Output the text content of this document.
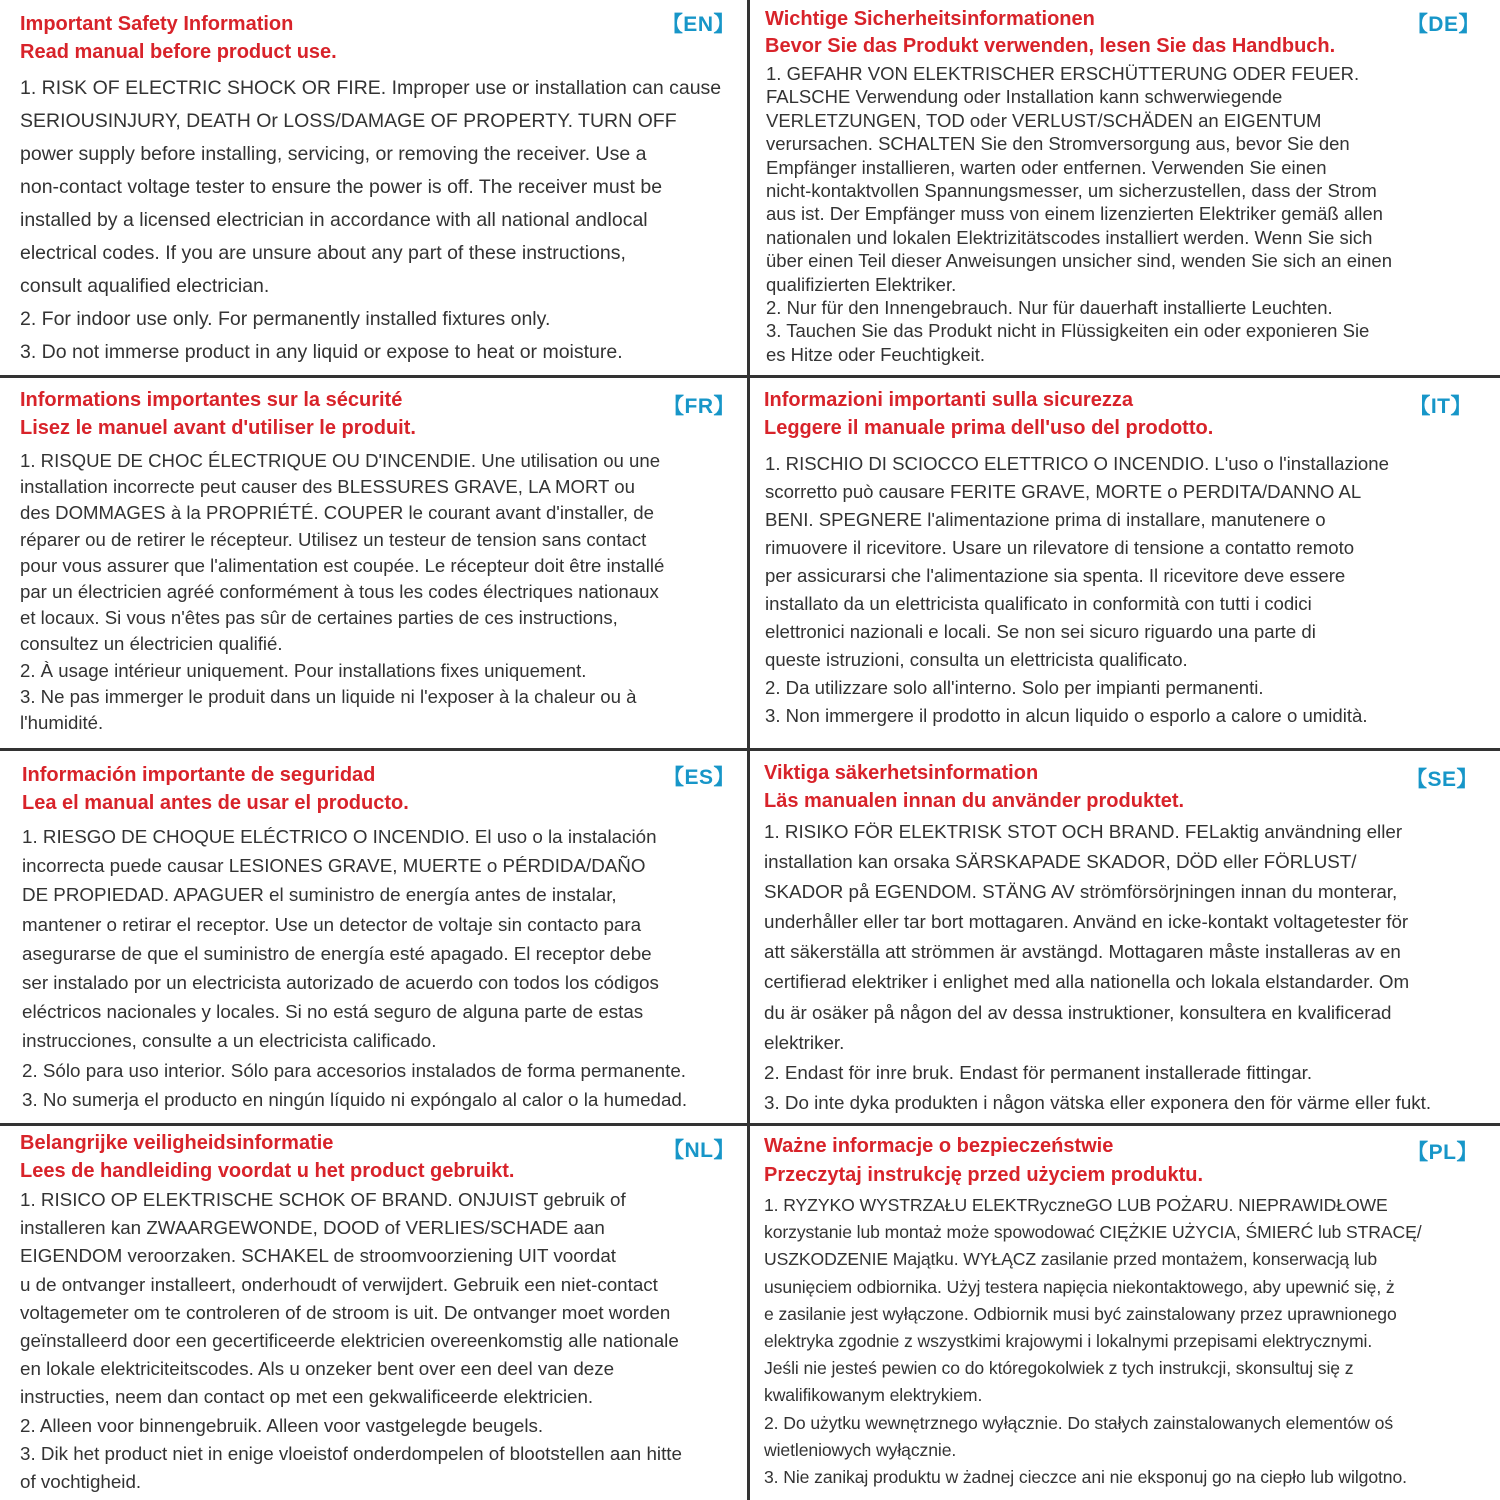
【EN】
Important Safety Information
Read manual before product use.
1. RISK OF ELECTRIC SHOCK OR FIRE. Improper use or installation can cause
SERIOUSINJURY, DEATH Or LOSS/DAMAGE OF PROPERTY. TURN OFF
power supply before installing, servicing, or removing the receiver. Use a
non-contact voltage tester to ensure the power is off. The receiver must be
installed by a licensed electrician in accordance with all national andlocal
electrical codes. If you are unsure about any part of these instructions,
consult aqualified electrician.
2. For indoor use only. For permanently installed fixtures only.
3. Do not immerse product in any liquid or expose to heat or moisture.
【DE】
Wichtige Sicherheitsinformationen
Bevor Sie das Produkt verwenden, lesen Sie das Handbuch.
1. GEFAHR VON ELEKTRISCHER ERSCHÜTTERUNG ODER FEUER.
FALSCHE Verwendung oder Installation kann schwerwiegende
VERLETZUNGEN, TOD oder VERLUST/SCHÄDEN an EIGENTUM
verursachen. SCHALTEN Sie den Stromversorgung aus, bevor Sie den
Empfänger installieren, warten oder entfernen. Verwenden Sie einen
nicht-kontaktvollen Spannungsmesser, um sicherzustellen, dass der Strom
aus ist. Der Empfänger muss von einem lizenzierten Elektriker gemäß allen
nationalen und lokalen Elektrizitätscodes installiert werden. Wenn Sie sich
über einen Teil dieser Anweisungen unsicher sind, wenden Sie sich an einen
qualifizierten Elektriker.
2. Nur für den Innengebrauch. Nur für dauerhaft installierte Leuchten.
3. Tauchen Sie das Produkt nicht in Flüssigkeiten ein oder exponieren Sie
es Hitze oder Feuchtigkeit.
【FR】
Informations importantes sur la sécurité
Lisez le manuel avant d'utiliser le produit.
1. RISQUE DE CHOC ÉLECTRIQUE OU D'INCENDIE. Une utilisation ou une
installation incorrecte peut causer des BLESSURES GRAVE, LA MORT ou
des DOMMAGES à la PROPRIÉTÉ. COUPER le courant avant d'installer, de
réparer ou de retirer le récepteur. Utilisez un testeur de tension sans contact
pour vous assurer que l'alimentation est coupée. Le récepteur doit être installé
par un électricien agréé conformément à tous les codes électriques nationaux
et locaux. Si vous n'êtes pas sûr de certaines parties de ces instructions,
consultez un électricien qualifié.
2. À usage intérieur uniquement. Pour installations fixes uniquement.
3. Ne pas immerger le produit dans un liquide ni l'exposer à la chaleur ou à
l'humidité.
【IT】
Informazioni importanti sulla sicurezza
Leggere il manuale prima dell'uso del prodotto.
1. RISCHIO DI SCIOCCO ELETTRICO O INCENDIO. L'uso o l'installazione
scorretto può causare FERITE GRAVE, MORTE o PERDITA/DANNO AL
BENI. SPEGNERE l'alimentazione prima di installare, manutenere o
rimuovere il ricevitore. Usare un rilevatore di tensione a contatto remoto
per assicurarsi che l'alimentazione sia spenta. Il ricevitore deve essere
installato da un elettricista qualificato in conformità con tutti i codici
elettronici nazionali e locali. Se non sei sicuro riguardo una parte di
queste istruzioni, consulta un elettricista qualificato.
2. Da utilizzare solo all'interno. Solo per impianti permanenti.
3. Non immergere il prodotto in alcun liquido o esporlo a calore o umidità.
【ES】
Información importante de seguridad
Lea el manual antes de usar el producto.
1. RIESGO DE CHOQUE ELÉCTRICO O INCENDIO. El uso o la instalación
incorrecta puede causar LESIONES GRAVE, MUERTE o PÉRDIDA/DAÑO
DE PROPIEDAD. APAGUER el suministro de energía antes de instalar,
mantener o retirar el receptor. Use un detector de voltaje sin contacto para
asegurarse de que el suministro de energía esté apagado. El receptor debe
ser instalado por un electricista autorizado de acuerdo con todos los códigos
eléctricos nacionales y locales. Si no está seguro de alguna parte de estas
instrucciones, consulte a un electricista calificado.
2. Sólo para uso interior. Sólo para accesorios instalados de forma permanente.
3. No sumerja el producto en ningún líquido ni expóngalo al calor o la humedad.
【SE】
Viktiga säkerhetsinformation
Läs manualen innan du använder produktet.
1. RISIKO FÖR ELEKTRISK STOT OCH BRAND. FELaktig användning eller
installation kan orsaka SÄRSKAPADE SKADOR, DÖD eller FÖRLUST/
SKADOR på EGENDOM. STÄNG AV strömförsörjningen innan du monterar,
underhåller eller tar bort mottagaren. Använd en icke-kontakt voltagetester för
att säkerställa att strömmen är avstängd. Mottagaren måste installeras av en
certifierad elektriker i enlighet med alla nationella och lokala elstandarder. Om
du är osäker på någon del av dessa instruktioner, konsultera en kvalificerad
elektriker.
2. Endast för inre bruk. Endast för permanent installerade fittingar.
3. Do inte dyka produkten i någon vätska eller exponera den för värme eller fukt.
【NL】
Belangrijke veiligheidsinformatie
Lees de handleiding voordat u het product gebruikt.
1. RISICO OP ELEKTRISCHE SCHOK OF BRAND. ONJUIST gebruik of
installeren kan ZWAARGEWONDE, DOOD of VERLIES/SCHADE aan
EIGENDOM veroorzaken. SCHAKEL de stroomvoorziening UIT voordat
u de ontvanger installeert, onderhoudt of verwijdert. Gebruik een niet-contact
voltagemeter om te controleren of de stroom is uit. De ontvanger moet worden
geïnstalleerd door een gecertificeerde elektricien overeenkomstig alle nationale
en lokale elektriciteitscodes. Als u onzeker bent over een deel van deze
instructies, neem dan contact op met een gekwalificeerde elektricien.
2. Alleen voor binnengebruik. Alleen voor vastgelegde beugels.
3. Dik het product niet in enige vloeistof onderdompelen of blootstellen aan hitte
of vochtigheid.
【PL】
Ważne informacje o bezpieczeństwie
Przeczytaj instrukcję przed użyciem produktu.
1. RYZYKO WYSTRZAŁU ELEKTRyczneGO LUB POŻARU. NIEPRAWIDŁOWE
korzystanie lub montaż może spowodować CIĘŻKIE UŻYCIA, ŚMIERĆ lub STRACĘ/
USZKODZENIE Majątku. WYŁĄCZ zasilanie przed montażem, konserwacją lub
usunięciem odbiornika. Użyj testera napięcia niekontaktowego, aby upewnić się, ż
e zasilanie jest wyłączone. Odbiornik musi być zainstalowany przez uprawnionego
elektryka zgodnie z wszystkimi krajowymi i lokalnymi przepisami elektrycznymi.
Jeśli nie jesteś pewien co do któregokolwiek z tych instrukcji, skonsultuj się z
kwalifikowanym elektrykiem.
2. Do użytku wewnętrznego wyłącznie. Do stałych zainstalowanych elementów oś
wietleniowych wyłącznie.
3. Nie zanikaj produktu w żadnej cieczce ani nie eksponuj go na ciepło lub wilgotno.
